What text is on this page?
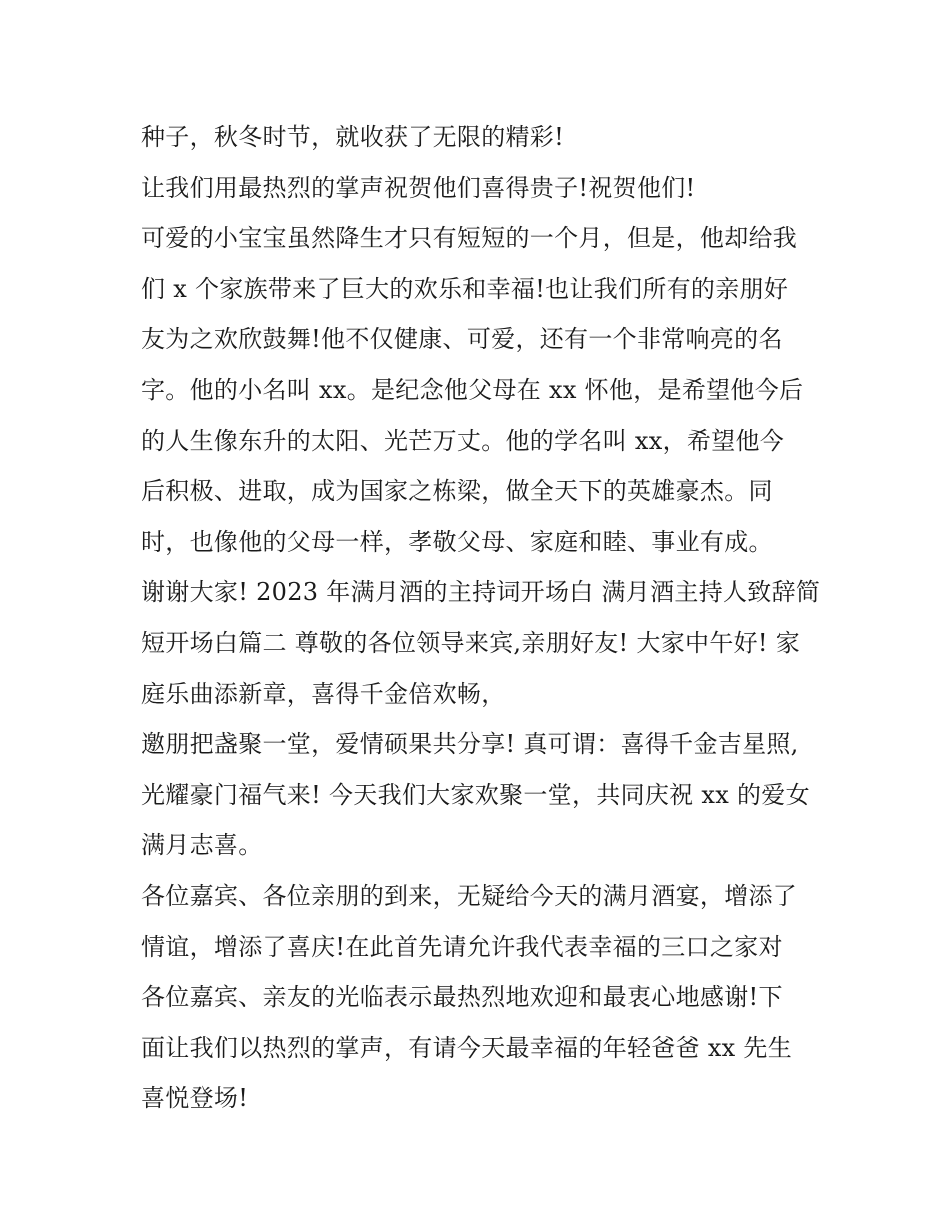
种子，秋冬时节，就收获了无限的精彩!
让我们用最热烈的掌声祝贺他们喜得贵子!祝贺他们!
可爱的小宝宝虽然降生才只有短短的一个月，但是，他却给我
们 x 个家族带来了巨大的欢乐和幸福!也让我们所有的亲朋好
友为之欢欣鼓舞!他不仅健康、可爱，还有一个非常响亮的名
字。他的小名叫 xx。是纪念他父母在 xx 怀他，是希望他今后
的人生像东升的太阳、光芒万丈。他的学名叫 xx，希望他今
后积极、进取，成为国家之栋梁，做全天下的英雄豪杰。同
时，也像他的父母一样，孝敬父母、家庭和睦、事业有成。
谢谢大家! 2023 年满月酒的主持词开场白 满月酒主持人致辞简
短开场白篇二 尊敬的各位领导来宾,亲朋好友! 大家中午好! 家
庭乐曲添新章，喜得千金倍欢畅，
邀朋把盏聚一堂，爱情硕果共分享! 真可谓：喜得千金吉星照,
光耀豪门福气来! 今天我们大家欢聚一堂，共同庆祝 xx 的爱女
满月志喜。
各位嘉宾、各位亲朋的到来，无疑给今天的满月酒宴，增添了
情谊，增添了喜庆!在此首先请允许我代表幸福的三口之家对
各位嘉宾、亲友的光临表示最热烈地欢迎和最衷心地感谢!下
面让我们以热烈的掌声，有请今天最幸福的年轻爸爸 xx 先生
喜悦登场!
